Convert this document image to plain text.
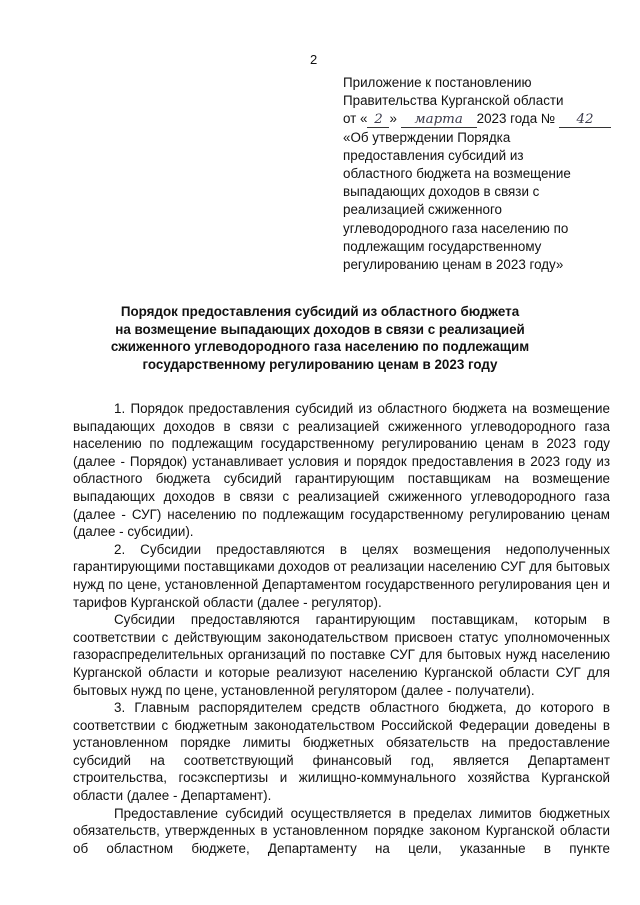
2
Приложение к постановлению
Правительства Курганской области
от « 2 » марта 2023 года № 42
«Об утверждении Порядка
предоставления субсидий из
областного бюджета на возмещение
выпадающих доходов в связи с
реализацией сжиженного
углеводородного газа населению по
подлежащим государственному
регулированию ценам в 2023 году»
Порядок предоставления субсидий из областного бюджета
на возмещение выпадающих доходов в связи с реализацией
сжиженного углеводородного газа населению по подлежащим
государственному регулированию ценам в 2023 году

1. Порядок предоставления субсидий из областного бюджета на возмещение выпадающих доходов в связи с реализацией сжиженного углеводородного газа населению по подлежащим государственному регулированию ценам в 2023 году (далее - Порядок) устанавливает условия и порядок предоставления в 2023 году из областного бюджета субсидий гарантирующим поставщикам на возмещение выпадающих доходов в связи с реализацией сжиженного углеводородного газа (далее - СУГ) населению по подлежащим государственному регулированию ценам (далее - субсидии).

2. Субсидии предоставляются в целях возмещения недополученных гарантирующими поставщиками доходов от реализации населению СУГ для бытовых нужд по цене, установленной Департаментом государственного регулирования цен и тарифов Курганской области (далее - регулятор).

Субсидии предоставляются гарантирующим поставщикам, которым в соответствии с действующим законодательством присвоен статус уполномоченных газораспределительных организаций по поставке СУГ для бытовых нужд населению Курганской области и которые реализуют населению Курганской области СУГ для бытовых нужд по цене, установленной регулятором (далее - получатели).

3. Главным распорядителем средств областного бюджета, до которого в соответствии с бюджетным законодательством Российской Федерации доведены в установленном порядке лимиты бюджетных обязательств на предоставление субсидий на соответствующий финансовый год, является Департамент строительства, госэкспертизы и жилищно-коммунального хозяйства Курганской области (далее - Департамент).

Предоставление субсидий осуществляется в пределах лимитов бюджетных обязательств, утвержденных в установленном порядке законом Курганской области об областном бюджете, Департаменту на цели, указанные в пункте
